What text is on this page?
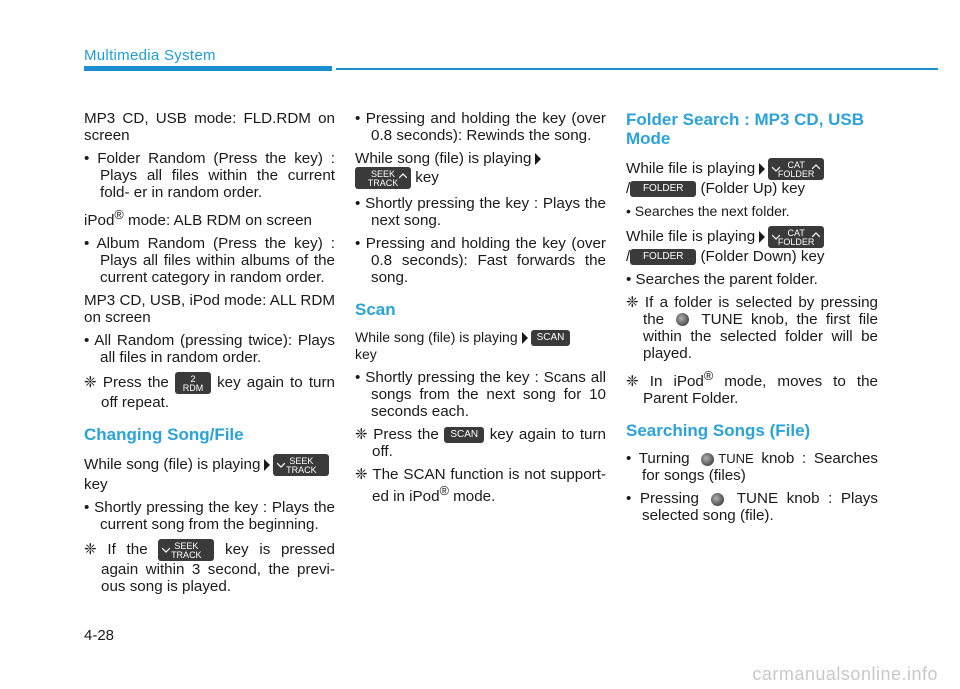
Multimedia System

MP3 CD, USB mode: FLD.RDM on screen

• Folder Random (Press the key) : Plays all files within the current fold- er in random order.

iPod® mode: ALB RDM on screen

• Album Random (Press the key) : Plays all files within albums of the current category in random order.

MP3 CD, USB, iPod mode: ALL RDM on screen

• All Random (pressing twice): Plays all files in random order.

❈ Press the 2
RDM key again to turn off repeat.

Changing Song/File

While song (file) is playing	SEEK
TRACK
key

• Shortly pressing the key : Plays the current song from the beginning.

❈ If the
SEEK
TRACK key is pressed again within 3 second, the previ- ous song is played.

• Pressing and holding the key (over 0.8 seconds): Rewinds the song.

While song (file) is playing

SEEK
TRACK key

• Shortly pressing the key : Plays the next song.

• Pressing and holding the key (over 0.8 seconds): Fast forwards the song.

Scan

While song (file) is playing SCAN
key

• Shortly pressing the key : Scans all songs from the next song for 10 seconds each.

❈ Press the SCAN key again to turn off.

❈ The SCAN function is not support- ed in iPod® mode.

Folder Search : MP3 CD, USB Mode

While file is playing	CAT
FOLDER

/ FOLDER (Folder Up) key

• Searches the next folder.

While file is playing	CAT
FOLDER

/ FOLDER (Folder Down) key

• Searches the parent folder.

❈ If a folder is selected by pressing the  TUNE knob, the first file within the selected folder will be played.

❈ In iPod® mode, moves to the Parent Folder.

Searching Songs (File)

• Turning TUNE knob : Searches for songs (files)

• Pressing  TUNE knob : Plays selected song (file).

4-28
carmanualsonline.info
